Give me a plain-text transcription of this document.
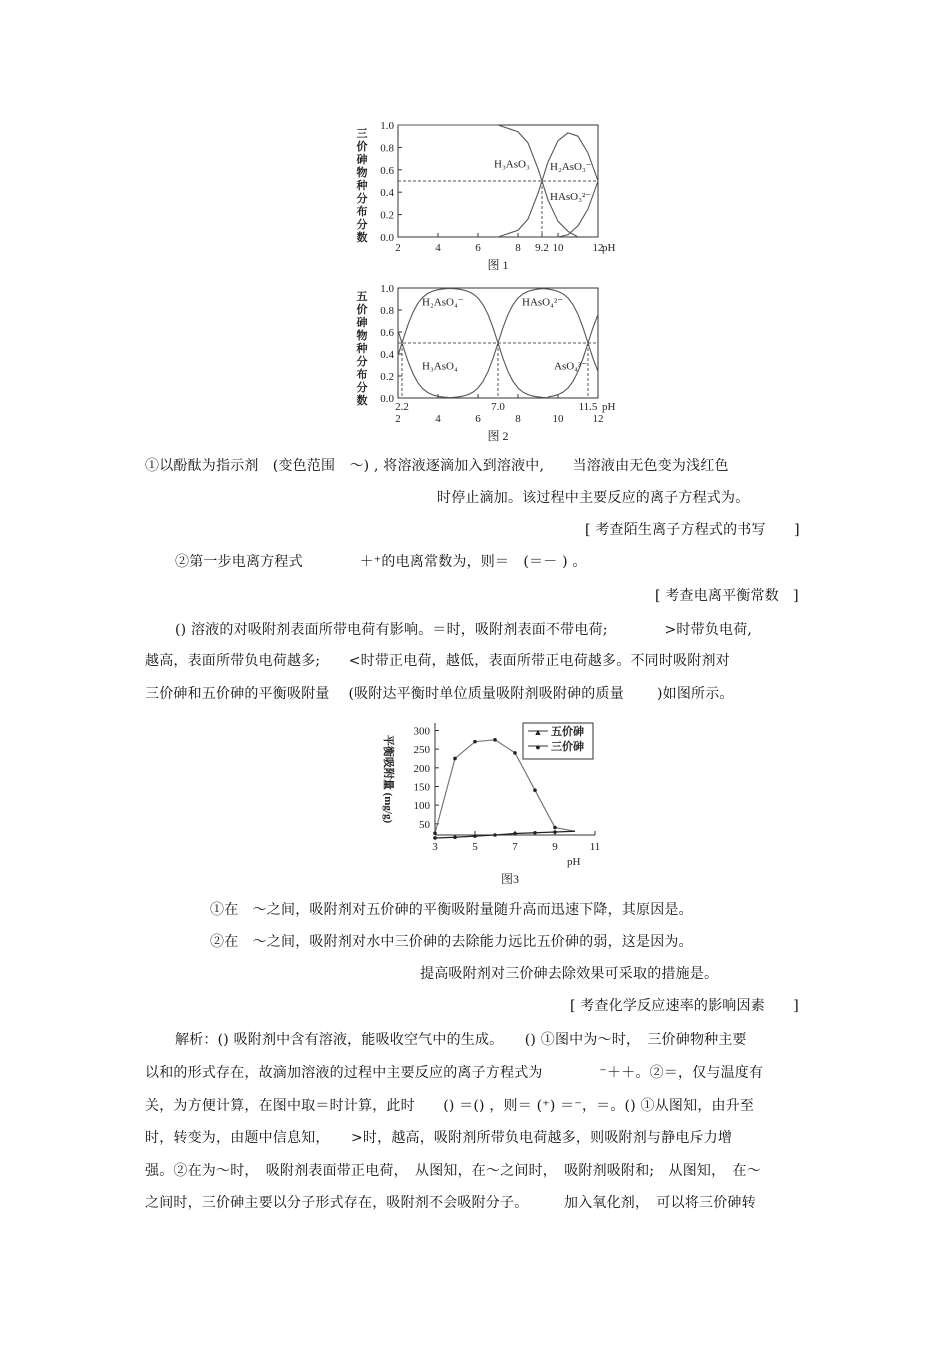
0.0
0.2
0.4
0.6
0.8
1.0
2	4	6	8 9.2 10	12
pH
H₃AsO₃ H₂AsO₃⁻
HAsO₃²⁻
三
价
砷
物
种
分
布
分
数
图 1
0.0
0.2
0.4
0.6
0.8
1.0
2.2	7.0	11.5
2	4	6	8	10	12
pH
H₂AsO₄⁻	HAsO₄²⁻
H₃AsO₄	AsO₄³⁻
五
价
砷
物
种
分
布
分
数
图 2
①以酚酞为指示剂　(变色范围　～) , 将溶液逐滴加入到溶液中,　　当溶液由无色变为浅红色
时停止滴加。该过程中主要反应的离子方程式为。
[ 考查陌生离子方程式的书写　　]
②第一步电离方程式　　　　＋⁺的电离常数为，则＝　(＝－ ) 。
[ 考查电离平衡常数　]
() 溶液的对吸附剂表面所带电荷有影响。＝时，吸附剂表面不带电荷;　　　　>时带负电荷,
越高，表面所带负电荷越多;　　<时带正电荷，越低，表面所带正电荷越多。不同时吸附剂对
三价砷和五价砷的平衡吸附量　 (吸附达平衡时单位质量吸附剂吸附砷的质量　　 )如图所示。
50
100
150
200
250
300
3	5	7	9	11
pH
▲ 五价砷
● 三价砷
平衡吸附量 (mg/g)
图3
①在　～之间，吸附剂对五价砷的平衡吸附量随升高而迅速下降，其原因是。
②在　～之间，吸附剂对水中三价砷的去除能力远比五价砷的弱，这是因为。
提高吸附剂对三价砷去除效果可采取的措施是。
[ 考查化学反应速率的影响因素　　]
解析：() 吸附剂中含有溶液，能吸收空气中的生成。　　() ①图中为～时，　三价砷物种主要
以和的形式存在，故滴加溶液的过程中主要反应的离子方程式为　　　　⁻＋＋。②＝，仅与温度有
关，为方便计算，在图中取＝时计算，此时　　() ＝() ，则＝ (⁺) ＝⁻，＝。() ①从图知，由升至
时，转变为，由题中信息知，　　>时，越高，吸附剂所带负电荷越多，则吸附剂与静电斥力增
强。②在为～时，　吸附剂表面带正电荷，　从图知，在～之间时，　吸附剂吸附和;　从图知，　在～
之间时，三价砷主要以分子形式存在，吸附剂不会吸附分子。　　　加入氧化剂，　可以将三价砷转
